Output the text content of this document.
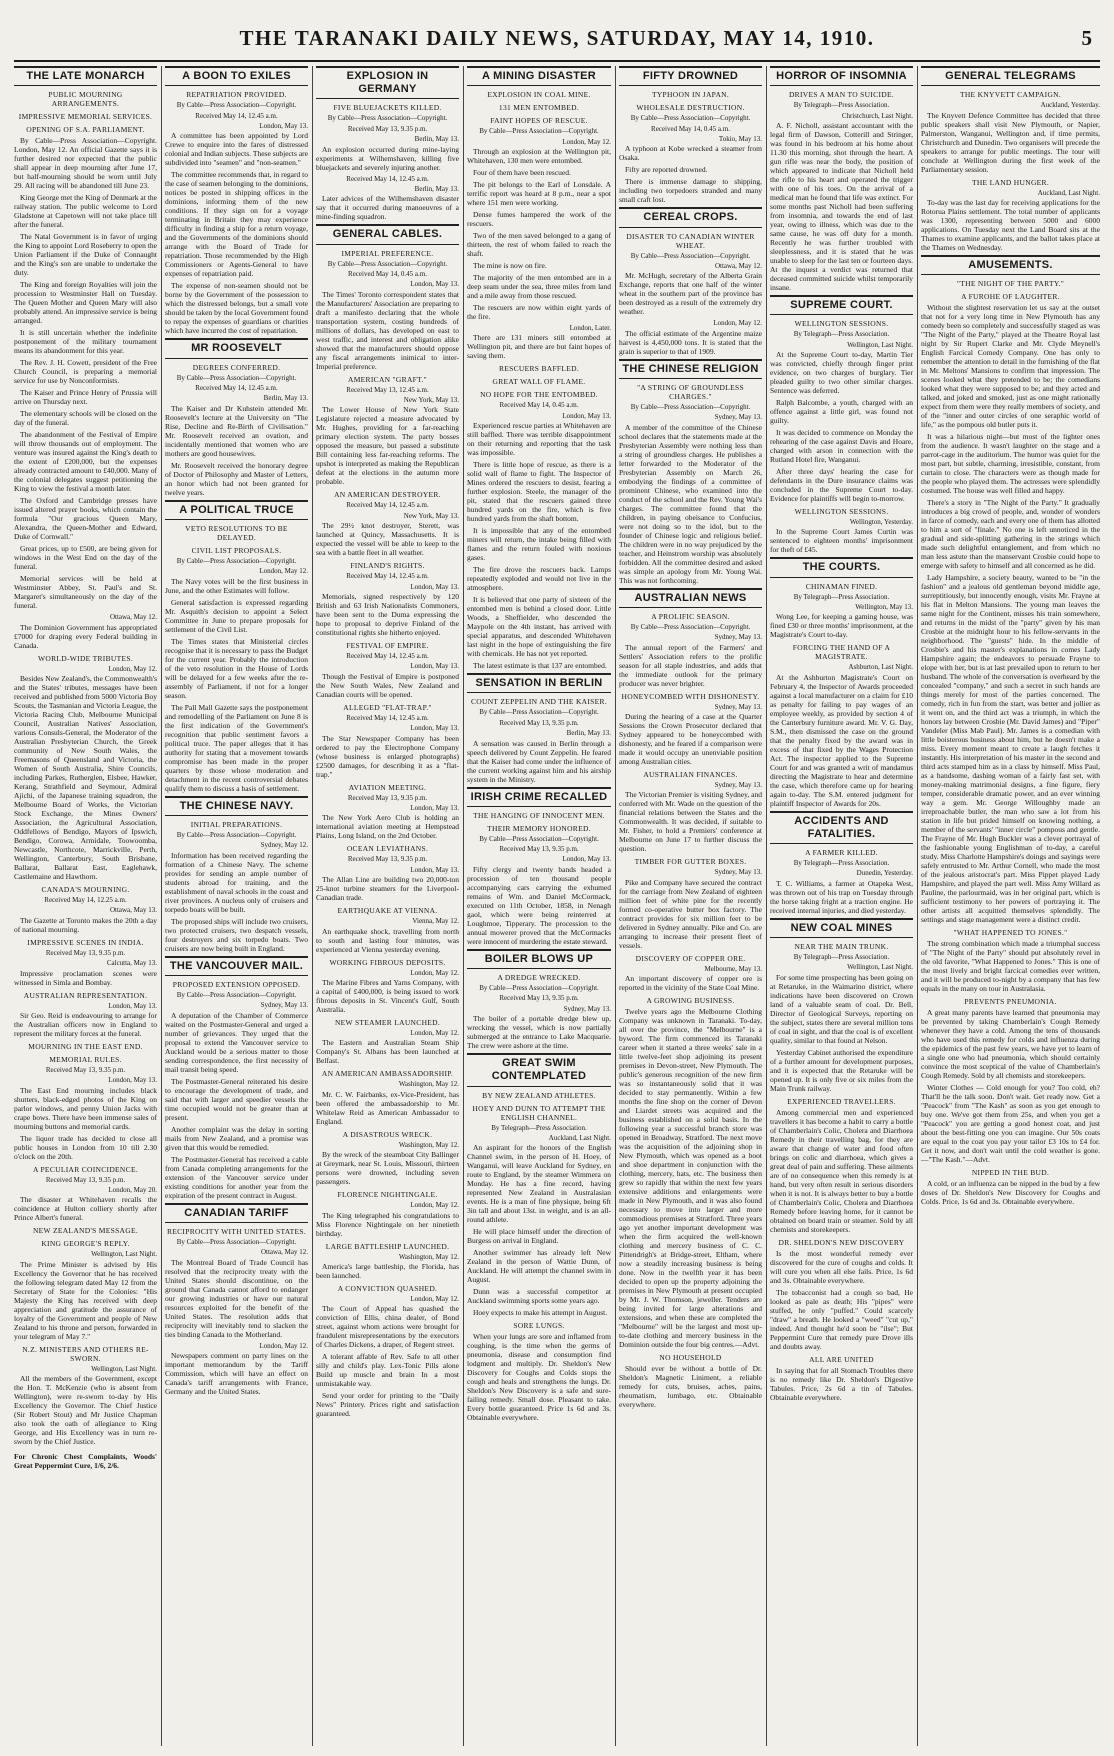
THE TARANAKI DAILY NEWS, SATURDAY, MAY 14, 1910.	5
THE LATE MONARCH
PUBLIC MOURNING ARRANGEMENTS.
IMPRESSIVE MEMORIAL SERVICES.
OPENING OF S.A. PARLIAMENT.

By Cable—Press Association—Copyright. London, May 12. An official Gazette says it is further desired nor expected that the public shall appear in deep mourning after June 17, but half-mourning should be worn until July 29. All racing will be abandoned till June 23.

King George met the King of Denmark at the railway station. The public welcome to Lord Gladstone at Capetown will not take place till after the funeral.

The Natal Government is in favor of urging the King to appoint Lord Roseberry to open the Union Parliament if the Duke of Connaught and the King's son are unable to undertake the duty.

The King and foreign Royalties will join the procession to Westminster Hall on Tuesday. The Queen Mother and Queen Mary will also probably attend. An impressive service is being arranged.

It is still uncertain whether the indefinite postponement of the military tournament means its abandonment for this year.

The Rev. J. H. Cowett, president of the Free Church Council, is preparing a memorial service for use by Nonconformists.

The Kaiser and Prince Henry of Prussia will arrive on Thursday next.

The elementary schools will be closed on the day of the funeral.

The abandonment of the Festival of Empire will throw thousands out of employment. The venture was insured against the King's death to the extent of £200,000, but the expenses already contracted amount to £40,000. Many of the colonial delegates suggest petitioning the King to view the festival a month later.

The Oxford and Cambridge presses have issued altered prayer books, which contain the formula "Our gracious Queen Mary, Alexandra, the Queen-Mother and Edward, Duke of Cornwall."

Great prices, up to £500, are being given for windows in the West End on the day of the funeral.

Memorial services will be held at Westminster Abbey, St. Paul's and St. Margaret's simultaneously on the day of the funeral.

Ottawa, May 12.

The Dominion Government has appropriated £7000 for draping every Federal building in Canada.

WORLD-WIDE TRIBUTES.
London, May 12.

Besides New Zealand's, the Commonwealth's and the States' tributes, messages have been received and published from 5000 Victoria Boy Scouts, the Tasmanian and Victoria League, the Victoria Racing Club, Melbourne Municipal Council, Australian Natives' Association, various Consuls-General, the Moderator of the Australian Presbyterian Church, the Greek community of New South Wales, the Freemasons of Queensland and Victoria, the Women of South Australia, Shire Councils, including Parkes, Rutherglen, Elsbee, Hawker, Kerang, Strathfield and Seymour, Admiral Ajichi, of the Japanese training squadron, the Melbourne Board of Works, the Victorian Stock Exchange, the Mines Owners' Association, the Agricultural Association, Oddfellows of Bendigo, Mayors of Ipswich, Bendigo, Corowa, Armidale, Toowoomba, Newcastle, Northcote, Marrickville, Perth, Wellington, Canterbury, South Brisbane, Ballarat, Ballarat East, Eaglehawk, Castlemaine and Hawthorn.

CANADA'S MOURNING.
Received May 14, 12.25 a.m.
Ottawa, May 13.

The Gazette at Toronto makes the 20th a day of national mourning.

IMPRESSIVE SCENES IN INDIA.
Received May 13, 9.35 p.m.
Calcutta, May 13.

Impressive proclamation scenes were witnessed in Simla and Bombay.

AUSTRALIAN REPRESENTATION.
London, May 13.

Sir Geo. Reid is endeavouring to arrange for the Australian officers now in England to represent the military forces at the funeral.

MOURNING IN THE EAST END.
MEMORIAL RULES.
Received May 13, 9.35 p.m.
London, May 13.

The East End mourning includes black shutters, black-edged photos of the King on parlor windows, and penny Union Jacks with crape bows. There have been immense sales of mourning buttons and memorial cards.

The liquor trade has decided to close all public houses in London from 10 till 2.30 o'clock on the 20th.

A PECULIAR COINCIDENCE.
Received May 13, 9.35 p.m.
London, May 20.

The disaster at Whitehaven recalls the coincidence at Hulton colliery shortly after Prince Albert's funeral.

NEW ZEALAND'S MESSAGE.
KING GEORGE'S REPLY.
Wellington, Last Night.

The Prime Minister is advised by His Excellency the Governor that he has received the following telegram dated May 12 from the Secretary of State for the Colonies: "His Majesty the King has received with deep appreciation and gratitude the assurance of loyalty of the Government and people of New Zealand to his throne and person, forwarded in your telegram of May 7."

N.Z. MINISTERS AND OTHERS RE-SWORN.
Wellington, Last Night.

All the members of the Government, except the Hon. T. McKenzie (who is absent from Wellington), were re-sworn to-day by His Excellency the Governor. The Chief Justice (Sir Robert Stout) and Mr Justice Chapman also took the oath of allegiance to King George, and His Excellency was in turn re-sworn by the Chief Justice.

For Chronic Chest Complaints, Woods' Great Peppermint Cure, 1/6, 2/6.
A BOON TO EXILES
REPATRIATION PROVIDED.
By Cable—Press Association—Copyright.
Received May 14, 12.45 a.m.
London, May 13.

A committee has been appointed by Lord Crewe to enquire into the fares of distressed colonial and Indian subjects. These subjects are subdivided into "seamen" and "non-seamen."

The committee recommends that, in regard to the case of seamen belonging to the dominions, notices be posted in shipping offices in the dominions, informing them of the new conditions. If they sign on for a voyage terminating in Britain they may experience difficulty in finding a ship for a return voyage, and the Governments of the dominions should arrange with the Board of Trade for repatriation. Those recommended by the High Commissioners or Agents-General to have expenses of repatriation paid.

The expense of non-seamen should not be borne by the Government of the possession to which the distressed belongs, but a small vote should be taken by the local Government found to repay the expenses of guardians or charities which have incurred the cost of repatriation.

MR ROOSEVELT
DEGREES CONFERRED.
By Cable—Press Association—Copyright.
Received May 14, 12.45 a.m.
Berlin, May 13.

The Kaiser and Dr Kuhstein attended Mr. Roosevelt's lecture at the University on "The Rise, Decline and Re-Birth of Civilisation." Mr. Roosevelt received an ovation, and incidentally mentioned that women who are mothers are good housewives.

Mr. Roosevelt received the honorary degree of Doctor of Philosophy and Master of Letters, an honor which had not been granted for twelve years.

A POLITICAL TRUCE
VETO RESOLUTIONS TO BE DELAYED.
CIVIL LIST PROPOSALS.
By Cable—Press Association—Copyright.
London, May 12.

The Navy votes will be the first business in June, and the other Estimates will follow.

General satisfaction is expressed regarding Mr. Asquith's decision to appoint a Select Committee in June to prepare proposals for settlement of the Civil List.

The Times states that Ministerial circles recognise that it is necessary to pass the Budget for the current year. Probably the introduction of the veto resolution in the House of Lords will be delayed for a few weeks after the re-assembly of Parliament, if not for a longer season.

The Pall Mall Gazette says the postponement and remodelling of the Parliament on June 8 is the first indication of the Government's recognition that public sentiment favors a political truce. The paper alleges that it has authority for stating that a movement towards compromise has been made in the proper quarters by those whose moderation and detachment in the recent controversial debates qualify them to discuss a basis of settlement.

THE CHINESE NAVY.
INITIAL PREPARATIONS.
By Cable—Press Association—Copyright.
Sydney, May 12.

Information has been received regarding the formation of a Chinese Navy. The scheme provides for sending an ample number of students abroad for training, and the establishment of naval schools in the coast and river provinces. A nucleus only of cruisers and torpedo boats will be built.

The proposed ships will include two cruisers, two protected cruisers, two despatch vessels, four destroyers and six torpedo boats. Two cruisers are now being built in England.

THE VANCOUVER MAIL.
PROPOSED EXTENSION OPPOSED.
By Cable—Press Association—Copyright.
Sydney, May 13.

A deputation of the Chamber of Commerce waited on the Postmaster-General and urged a number of grievances. They urged that the proposal to extend the Vancouver service to Auckland would be a serious matter to those sending correspondence, the first necessity of mail transit being speed.

The Postmaster-General reiterated his desire to encourage the development of trade, and said that with larger and speedier vessels the time occupied would not be greater than at present.

Another complaint was the delay in sorting mails from New Zealand, and a promise was given that this would be remedied.

The Postmaster-General has received a cable from Canada completing arrangements for the extension of the Vancouver service under existing conditions for another year from the expiration of the present contract in August.

CANADIAN TARIFF
RECIPROCITY WITH UNITED STATES.
By Cable—Press Association—Copyright.
Ottawa, May 12.

The Montreal Board of Trade Council has resolved that the reciprocity treaty with the United States should discontinue, on the ground that Canada cannot afford to endanger our growing industries or have our natural resources exploited for the benefit of the United States. The resolution adds that reciprocity will inevitably tend to slacken the ties binding Canada to the Motherland.

London, May 12.

Newspapers comment on party lines on the important memorandum by the Tariff Commission, which will have an effect on Canada's tariff arrangements with France, Germany and the United States.

EXPLOSION IN GERMANY
FIVE BLUEJACKETS KILLED.
By Cable—Press Association—Copyright.
Received May 13, 9.35 p.m.
Berlin, May 13.

An explosion occurred during mine-laying experiments at Wilhemshaven, killing five bluejackets and severely injuring another.

Received May 14, 12.45 a.m.
Berlin, May 13.

Later advices of the Wilhemshaven disaster say that it occurred during manoeuvres of a mine-finding squadron.

GENERAL CABLES.
IMPERIAL PREFERENCE.
By Cable—Press Association—Copyright.
Received May 14, 0.45 a.m.
London, May 13.

The Times' Toronto correspondent states that the Manufacturers' Association are preparing to draft a manifesto declaring that the whole transportation system, costing hundreds of millions of dollars, has developed on east to west traffic, and interest and obligation alike showed that the manufacturers should oppose any fiscal arrangements inimical to inter-Imperial preference.

AMERICAN "GRAFT."
Received May 13, 12.45 a.m.
New York, May 13.

The Lower House of New York State Legislature rejected a measure advocated by Mr. Hughes, providing for a far-reaching primary election system. The party bosses opposed the measure, but passed a substitute Bill containing less far-reaching reforms. The upshot is interpreted as making the Republican defeat at the elections in the autumn more probable.

AN AMERICAN DESTROYER.
Received May 14, 12.45 a.m.
New York, May 13.

The 29½ knot destroyer, Sterett, was launched at Quincy, Massachusetts. It is expected the vessel will be able to keep to the sea with a battle fleet in all weather.

FINLAND'S RIGHTS.
Received May 14, 12.45 a.m.
London, May 13.

Memorials, signed respectively by 120 British and 63 Irish Nationalists Commoners, have been sent to the Duma expressing the hope to proposal to deprive Finland of the constitutional rights she hitherto enjoyed.

FESTIVAL OF EMPIRE.
Received May 14, 12.45 a.m.
London, May 13.

Though the Festival of Empire is postponed the New South Wales, New Zealand and Canadian courts will be opened.

ALLEGED "FLAT-TRAP."
Received May 14, 12.45 a.m.
London, May 13.

The Star Newspaper Company has been ordered to pay the Electrophone Company (whose business is enlarged photographs) £2500 damages, for describing it as a "flat-trap."

AVIATION MEETING.
Received May 13, 9.35 p.m.
London, May 13.

The New York Aero Club is holding an international aviation meeting at Hempstead Plains, Long Island, on the 2nd October.

OCEAN LEVIATHANS.
Received May 13, 9.35 p.m.
London, May 13.

The Allan Line are building two 20,000-ton 25-knot turbine steamers for the Liverpool-Canadian trade.

EARTHQUAKE AT VIENNA.
Vienna, May 12.

An earthquake shock, travelling from north to south and lasting four minutes, was experienced at Vienna yesterday evening.

WORKING FIBROUS DEPOSITS.
London, May 12.

The Marine Fibres and Yarns Company, with a capital of £400,000, is being issued to work fibrous deposits in St. Vincent's Gulf, South Australia.

NEW STEAMER LAUNCHED.
London, May 12.

The Eastern and Australian Steam Ship Company's St. Albans has been launched at Belfast.

AN AMERICAN AMBASSADORSHIP.
Washington, May 12.

Mr. C. W. Fairbanks, ex-Vice-President, has been offered the ambassadorship to Mr. Whitelaw Reid as American Ambassador to England.

A DISASTROUS WRECK.
Washington, May 12.

By the wreck of the steamboat City Ballinger at Greymark, near St. Louis, Missouri, thirteen persons were drowned, including seven passengers.

FLORENCE NIGHTINGALE.
London, May 12.

The King telegraphed his congratulations to Miss Florence Nightingale on her ninetieth birthday.

LARGE BATTLESHIP LAUNCHED.
Washington, May 12.

America's large battleship, the Florida, has been launched.

A CONVICTION QUASHED.
London, May 12.

The Court of Appeal has quashed the conviction of Ellis, china dealer, of Bond street, against whom actions were brought for fraudulent misrepresentations by the executors of Charles Dickens, a draper, of Regent street.

A tolerant affable of Rev. Safe to all other silly and child's play. Lex-Tonic Pills alone Build up muscle and brain In a most unmistakable way.

Send your order for printing to the "Daily News" Printery. Prices right and satisfaction guaranteed.

A MINING DISASTER
EXPLOSION IN COAL MINE.
131 MEN ENTOMBED.
FAINT HOPES OF RESCUE.
By Cable—Press Association—Copyright.
London, May 12.

Through an explosion at the Wellington pit, Whitehaven, 130 men were entombed.

Four of them have been rescued.

The pit belongs to the Earl of Lonsdale. A terrific report was heard at 8 p.m., near a spot where 151 men were working.

Dense fumes hampered the work of the rescuers.

Two of the men saved belonged to a gang of thirteen, the rest of whom failed to reach the shaft.

The mine is now on fire.

The majority of the men entombed are in a deep seam under the sea, three miles from land and a mile away from those rescued.

The rescuers are now within eight yards of the fire.

London, Later.

There are 131 miners still entombed at Wellington pit, and there are but faint hopes of saving them.

RESCUERS BAFFLED.
GREAT WALL OF FLAME.
NO HOPE FOR THE ENTOMBED.
Received May 14, 0.45 a.m.
London, May 13.

Experienced rescue parties at Whitehaven are still baffled. There was terrible disappointment on their returning and reporting that the task was impossible.

There is little hope of rescue, as there is a solid wall of flame to fight. The Inspector of Mines ordered the rescuers to desist, fearing a further explosion. Steele, the manager of the pit, stated that the rescuers gained three hundred yards on the fire, which is five hundred yards from the shaft bottom.

It is impossible that any of the entombed miners will return, the intake being filled with flames and the return fouled with noxious gases.

The fire drove the rescuers back. Lamps repeatedly exploded and would not live in the atmosphere.

It is believed that one party of sixteen of the entombed men is behind a closed door. Little Woods, a Sheffielder, who descended the Maypole on the 4th instant, has arrived with special apparatus, and descended Whitehaven last night in the hope of extinguishing the fire with chemicals. He has not yet reported.

The latest estimate is that 137 are entombed.

SENSATION IN BERLIN
COUNT ZEPPELIN AND THE KAISER.
By Cable—Press Association—Copyright.
Received May 13, 9.35 p.m.
Berlin, May 13.

A sensation was caused in Berlin through a speech delivered by Count Zeppelin. He feared that the Kaiser had come under the influence of the current working against him and his airship system in the Ministry.

IRISH CRIME RECALLED
THE HANGING OF INNOCENT MEN.
THEIR MEMORY HONORED.
By Cable—Press Association—Copyright.
Received May 13, 9.35 p.m.
London, May 13.

Fifty clergy and twenty bands headed a procession of ten thousand people accompanying cars carrying the exhumed remains of Wm. and Daniel McCormack, executed on 11th October, 1858, in Nenagh gaol, which were being reinterred at Loughmoe, Tipperary. The procession to the annual mowerer proved that the McCormacks were innocent of murdering the estate steward.

BOILER BLOWS UP
A DREDGE WRECKED.
By Cable—Press Association—Copyright.
Received May 13, 9.35 p.m.
Sydney, May 13.

The boiler of a portable dredge blew up, wrecking the vessel, which is now partially submerged at the entrance to Lake Macquarie. The crew were ashore at the time.

GREAT SWIM CONTEMPLATED
BY NEW ZEALAND ATHLETES.
HOEY AND DUNN TO ATTEMPT THE ENGLISH CHANNEL.
By Telegraph—Press Association.
Auckland, Last Night.

An aspirant for the honors of the English Channel swim, in the person of H. Hoey, of Wanganui, will leave Auckland for Sydney, en route to England, by the steamer Wimmera on Monday. He has a fine record, having represented New Zealand in Australasian events. He is a man of fine physique, being 6ft 3in tall and about 13st. in weight, and is an all-round athlete.

He will place himself under the direction of Burgess on arrival in England.

Another swimmer has already left New Zealand in the person of Wattie Dunn, of Auckland. He will attempt the channel swim in August.

Dunn was a successful competitor at Auckland swimming sports some years ago.

Hoey expects to make his attempt in August.

SORE LUNGS.

When your lungs are sore and inflamed from coughing, is the time when the germs of pneumonia, disease and consumption find lodgment and multiply. Dr. Sheldon's New Discovery for Coughs and Colds stops the cough and heals and strengthens the lungs. Dr. Sheldon's New Discovery is a safe and sure-failing remedy. Small dose. Pleasant to take. Every bottle guaranteed. Price 1s 6d and 3s. Obtainable everywhere.

FIFTY DROWNED
TYPHOON IN JAPAN.
WHOLESALE DESTRUCTION.
By Cable—Press Association—Copyright.
Received May 14, 0.45 a.m.
Tokio, May 13.

A typhoon at Kobe wrecked a steamer from Osaka.

Fifty are reported drowned.

There is immense damage to shipping, including two torpedoers stranded and many small craft lost.

CEREAL CROPS.
DISASTER TO CANADIAN WINTER WHEAT.
By Cable—Press Association—Copyright.
Ottawa, May 12.

Mr. McHugh, secretary of the Alberta Grain Exchange, reports that one half of the winter wheat in the southern part of the province has been destroyed as a result of the extremely dry weather.

London, May 12.

The official estimate of the Argentine maize harvest is 4,450,000 tons. It is stated that the grain is superior to that of 1909.

THE CHINESE RELIGION
"A STRING OF GROUNDLESS CHARGES."
By Cable—Press Association—Copyright.
Sydney, May 13.

A member of the committee of the Chinese school declares that the statements made at the Presbyterian Assembly were nothing less than a string of groundless charges. He publishes a letter forwarded to the Moderator of the Presbyterian Assembly on March 26, embodying the findings of a committee of prominent Chinese, who examined into the conduct of the school and the Rev. Young Wai's charges. The committee found that the children, in paying obeisance to Confucius, were not doing so to the idol, but to the founder of Chinese logic and religious belief. The children were in no way prejudiced by the teacher, and Heinstrom worship was absolutely forbidden. All the committee desired and asked was simple an apology from Mr. Young Wai. This was not forthcoming.

AUSTRALIAN NEWS
A PROLIFIC SEASON.
By Cable—Press Association—Copyright.
Sydney, May 13.

The annual report of the Farmers' and Settlers' Association refers to the prolific season for all staple industries, and adds that the immediate outlook for the primary producer was never brighter.

HONEYCOMBED WITH DISHONESTY.
Sydney, May 13.

During the hearing of a case at the Quarter Sessions the Crown Prosecutor declared that Sydney appeared to be honeycombed with dishonesty, and he feared if a comparison were made it would occupy an unenviable position among Australian cities.

AUSTRALIAN FINANCES.
Sydney, May 13.

The Victorian Premier is visiting Sydney, and conferred with Mr. Wade on the question of the financial relations between the States and the Commonwealth. It was decided, if suitable to Mr. Fisher, to hold a Premiers' conference at Melbourne on June 17 to further discuss the question.

TIMBER FOR GUTTER BOXES.
Sydney, May 13.

Pike and Company have secured the contract for the carriage from New Zealand of eighteen million feet of white pine for the recently formed co-operative butter box factory. The contract provides for six million feet to be delivered in Sydney annually. Pike and Co. are arranging to increase their present fleet of vessels.

DISCOVERY OF COPPER ORE.
Melbourne, May 13.

An important discovery of copper ore is reported in the vicinity of the State Coal Mine.

A GROWING BUSINESS.

Twelve years ago the Melbourne Clothing Company was unknown in Taranaki. To-day, all over the province, the "Melbourne" is a byword. The firm commenced its Taranaki career when it started a three weeks' sale in a little twelve-feet shop adjoining its present premises in Devon-street, New Plymouth. The public's generous recognition of the new firm was so instantaneously solid that it was decided to stay permanently. Within a few months the fine shop on the corner of Devon and Liardet streets was acquired and the business established on a solid basis. In the following year a successful branch store was opened in Broadway, Stratford. The next move was the acquisition of the adjoining shop in New Plymouth, which was opened as a boot and shoe department in conjunction with the clothing, mercery, hats, etc. The business then grew so rapidly that within the next few years extensive additions and enlargements were made in New Plymouth, and it was also found necessary to move into larger and more commodious premises at Stratford. Three years ago yet another important development was when the firm acquired the well-known clothing and mercery business of C. C. Pittendrigh's at Bridge-street, Eltham, where now a steadily increasing business is being done. Now in the twelfth year it has been decided to open up the property adjoining the premises in New Plymouth at present occupied by Mr. J. W. Thomson, jeweller. Tenders are being invited for large alterations and extensions, and when these are completed the "Melbourne" will be the largest and most up-to-date clothing and mercery business in the Dominion outside the four big centres.—Advt.

NO HOUSEHOLD

Should ever be without a bottle of Dr. Sheldon's Magnetic Liniment, a reliable remedy for cuts, bruises, aches, pains, rheumatism, lumbago, etc. Obtainable everywhere.

HORROR OF INSOMNIA
DRIVES A MAN TO SUICIDE.
By Telegraph—Press Association.
Christchurch, Last Night.

A. F. Nicholl, assistant accountant with the legal firm of Dawson, Cotterill and Stringer, was found in his bedroom at his home about 11.30 this morning, shot through the heart. A gun rifle was near the body, the position of which appeared to indicate that Nicholl held the rifle to his heart and operated the trigger with one of his toes. On the arrival of a medical man he found that life was extinct. For some months past Nicholl had been suffering from insomnia, and towards the end of last year, owing to illness, which was due to the same cause, he was off duty for a month. Recently he was further troubled with sleeplessness, and it is stated that he was unable to sleep for the last ten or fourteen days. At the inquest a verdict was returned that deceased committed suicide whilst temporarily insane.

SUPREME COURT.
WELLINGTON SESSIONS.
By Telegraph—Press Association.
Wellington, Last Night.

At the Supreme Court to-day, Martin Tier was convicted, chiefly through finger print evidence, on two charges of burglary. Tier pleaded guilty to two other similar charges. Sentence was deferred.

Ralph Balcombe, a youth, charged with an offence against a little girl, was found not guilty.

It was decided to commence on Monday the rehearing of the case against Davis and Hoare, charged with arson in connection with the Rutland Hotel fire, Wanganui.

After three days' hearing the case for defendants in the Dure insurance claims was concluded in the Supreme Court to-day. Evidence for plaintiffs will begin to-morrow.

WELLINGTON SESSIONS.
Wellington, Yesterday.

In the Supreme Court James Curtin was sentenced to eighteen months' imprisonment for theft of £45.

THE COURTS.
CHINAMAN FINED.
By Telegraph—Press Association.
Wellington, May 13.

Wong Lee, for keeping a gaming house, was fined £30 or three months' imprisonment, at the Magistrate's Court to-day.

FORCING THE HAND OF A MAGISTRATE.
Ashburton, Last Night.

At the Ashburton Magistrate's Court on February 4, the Inspector of Awards proceeded against a local manufacturer on a claim for £10 as penalty for failing to pay wages of an employee weekly, as provided by section 4 of the Canterbury furniture award. Mr. V. G. Day, S.M., then dismissed the case on the ground that the penalty fixed by the award was in excess of that fixed by the Wages Protection Act. The inspector applied to the Supreme Court for and was granted a writ of mandamus directing the Magistrate to hear and determine the case, which therefore came up for hearing again to-day. The S.M. entered judgment for plaintiff Inspector of Awards for 20s.

ACCIDENTS AND FATALITIES.
A FARMER KILLED.
By Telegraph—Press Association.
Dunedin, Yesterday.

T. C. Williams, a farmer at Otapeka West, was thrown out of his trap on Tuesday through the horse taking fright at a traction engine. He received internal injuries, and died yesterday.

NEW COAL MINES
NEAR THE MAIN TRUNK.
By Telegraph—Press Association.
Wellington, Last Night.

For some time prospecting has been going on at Retaruke, in the Waimarino district, where indications have been discovered on Crown land of a valuable seam of coal. Dr. Bell, Director of Geological Surveys, reporting on the subject, states there are several million tons of coal in sight, and that the coal is of excellent quality, similar to that found at Nelson.

Yesterday Cabinet authorised the expenditure of a further amount for development purposes, and it is expected that the Retaruke will be opened up. It is only five or six miles from the Main Trunk railway.

EXPERIENCED TRAVELLERS.

Among commercial men and experienced travellers it has become a habit to carry a bottle of Chamberlain's Colic, Cholera and Diarrhoea Remedy in their travelling bag, for they are aware that change of water and food often brings on colic and diarrhoea, which gives a great deal of pain and suffering. These ailments are of no consequence when this remedy is at hand, but very often result in serious disorders when it is not. It is always better to buy a bottle of Chamberlain's Colic, Cholera and Diarrhoea Remedy before leaving home, for it cannot be obtained on board train or steamer. Sold by all chemists and storekeepers.

DR. SHELDON'S NEW DISCOVERY

Is the most wonderful remedy ever discovered for the cure of coughs and colds. It will cure you when all else fails. Price, 1s 6d and 3s. Obtainable everywhere.

The tobacconist had a cough so bad, He looked as pale as death; His "pipes" were stuffed, he only "puffed." Could scarcely "draw" a breath. He looked a "weed" "cut up," indeed, And thought he'd soon be "ilse"; But Peppermint Cure that remedy pure Drove ills and doubts away.

ALL ARE UNITED

In saying that for all Stomach Troubles there is no remedy like Dr. Sheldon's Digestive Tabules. Price, 2s 6d a tin of Tabules. Obtainable everywhere.

GENERAL TELEGRAMS
THE KNYVETT CAMPAIGN.
Auckland, Yesterday.

The Knyvett Defence Committee has decided that three public speakers shall visit New Plymouth, or Napier, Palmerston, Wanganui, Wellington and, if time permits, Christchurch and Dunedin. Two organisers will precede the speakers to arrange for public meetings. The tour will conclude at Wellington during the first week of the Parliamentary session.

THE LAND HUNGER.
Auckland, Last Night.

To-day was the last day for receiving applications for the Rotorua Plains settlement. The total number of applicants was 1300, representing between 5000 and 6000 applications. On Tuesday next the Land Board sits at the Thames to examine applicants, and the ballot takes place at the Thames on Wednesday.

AMUSEMENTS.
"THE NIGHT OF THE PARTY."
A FUROHE OF LAUGHTER.

Without the slightest reservation let us say at the outset that not for a very long time in New Plymouth has any comedy been so completely and successfully staged as was "The Night of the Party," played at the Theatre Royal last night by Sir Rupert Clarke and Mr. Clyde Meynell's English Farcical Comedy Company. One has only to remember the attention to detail in the furnishing of the flat in Mr. Meltons' Mansions to confirm that impression. The scenes looked what they pretended to be; the comedians looked what they were supposed to be; and they acted and talked, and joked and smoked, just as one might rationally expect from them were they really members of society, and of the "inner and outer circles of one seraphic world of life," as the pompous old butler puts it.

It was a hilarious night—but most of the lighter ones from the audience. It wasn't laughter on the stage and a parrot-cage in the auditorium. The humor was quiet for the most part, but subtle, charming, irresistible, constant, from curtain to close. The characters were as though made for the people who played them. The actresses were splendidly costumed. The house was well filled and happy.

There's a story in "The Night of the Party." It gradually introduces a big crowd of people, and, wonder of wonders in farce of comedy, each and every one of them has allotted to him a sort of "finale." No one is left unnoticed in the gradual and side-splitting gathering in the strings which made such delightful entanglement, and from which no man less astute than the manservant Crosbie could hope to emerge with safety to himself and all concerned as he did.

Lady Hampshire, a society beauty, wanted to be "in the fashion" and a jealous old gentleman beyond middle age, surreptitiously, but innocently enough, visits Mr. Frayne at his flat in Melton Mansions. The young man leaves the same night for the Continent, misses his train somewhere, and returns in the midst of the "party" given by his man Crosbie at the midnight hour to his fellow-servants in the neighborhood. The "guests" hide. In the middle of Crosbie's and his master's explanations in comes Lady Hampshire again; the endeavors to persuade Frayne to elope with her, but is at last prevailed upon to return to her husband. The whole of the conversation is overheard by the concealed "company," and such a secret in such hands are things merely for most of the parties concerned. The comedy, rich in fun from the start, was better and jollier as it went on, and the third act was a triumph, in which the honors lay between Crosbie (Mr. David James) and "Piper" Vandeler (Miss Mab Paul). Mr. James is a comedian with little boisterous business about him, but he doesn't make a miss. Every moment meant to create a laugh fetches it instantly. His interpretation of his master in the second and third acts stamped him as in a class by himself. Miss Paul, as a handsome, dashing woman of a fairly fast set, with money-making matrimonial designs, a fine figure, fiery temper, considerable dramatic power, and an ever winning way a gem. Mr. George Willoughby made an irreproachable butler, the man who saw a lot from his station in life but prided himself on knowing nothing, a member of the servants' "inner circle" pompous and gentle. The Frayne of Mr. Hugh Buckler was a clever portrayal of the fashionable young Englishman of to-day, a careful study. Miss Charlotte Hampshire's doings and sayings were safely entrusted to Mr. Arthur Cornell, who made the most of the jealous aristocrat's part. Miss Pippet played Lady Hampshire, and played the part well. Miss Amy Willard as Pauline, the parlourmaid, was in her original part, which is sufficient testimony to her powers of portraying it. The other artists all acquitted themselves splendidly. The settings and stage management were a distinct credit.

"WHAT HAPPENED TO JONES."

The strong combination which made a triumphal success of "The Night of the Party" should put absolutely revel in the old favorite, "What Happened to Jones." This is one of the most lively and bright farcical comedies ever written, and it will be produced to-night by a company that has few equals in the many on tour in Australasia.

PREVENTS PNEUMONIA.

A great many parents have learned that pneumonia may be prevented by taking Chamberlain's Cough Remedy whenever they have a cold. Among the tens of thousands who have used this remedy for colds and influenza during the epidemics of the past few years, we have yet to learn of a single one who had pneumonia, which should certainly convince the most sceptical of the value of Chamberlain's Cough Remedy. Sold by all chemists and storekeepers.

Winter Clothes — Cold enough for you? Too cold, eh? That'll be the talk soon. Don't wait. Get ready now. Get a "Peacock" from "The Kash" as soon as you get enough to buy one. We've got them from 25s, and when you get a "Peacock" you are getting a good honest coat, and just about the best-fitting one you can imagine. Our 50s coats are equal to the coat you pay your tailor £3 10s to £4 for. Get it now, and don't wait until the cold weather is gone.—"The Kash."—Advt.

NIPPED IN THE BUD.

A cold, or an influenza can be nipped in the bud by a few doses of Dr. Sheldon's New Discovery for Coughs and Colds. Price, 1s 6d and 3s. Obtainable everywhere.
